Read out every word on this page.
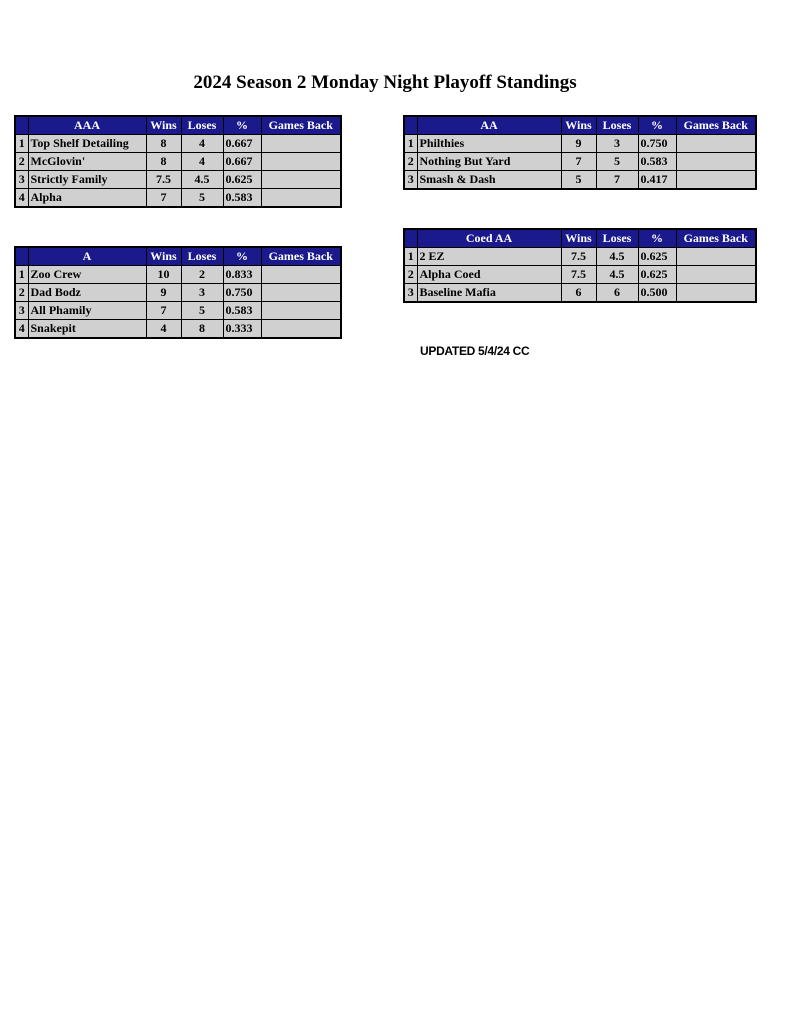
2024 Season 2 Monday Night Playoff Standings
	AAA	Wins	Loses	%	Games Back
1	Top Shelf Detailing	8	4	0.667	
2	McGlovin'	8	4	0.667	
3	Strictly Family	7.5	4.5	0.625	
4	Alpha	7	5	0.583	
	A	Wins	Loses	%	Games Back
1	Zoo Crew	10	2	0.833	
2	Dad Bodz	9	3	0.750	
3	All Phamily	7	5	0.583	
4	Snakepit	4	8	0.333	
	AA	Wins	Loses	%	Games Back
1	Philthies	9	3	0.750	
2	Nothing But Yard	7	5	0.583	
3	Smash & Dash	5	7	0.417	
	Coed AA	Wins	Loses	%	Games Back
1	2 EZ	7.5	4.5	0.625	
2	Alpha Coed	7.5	4.5	0.625	
3	Baseline Mafia	6	6	0.500	
UPDATED 5/4/24 CC
